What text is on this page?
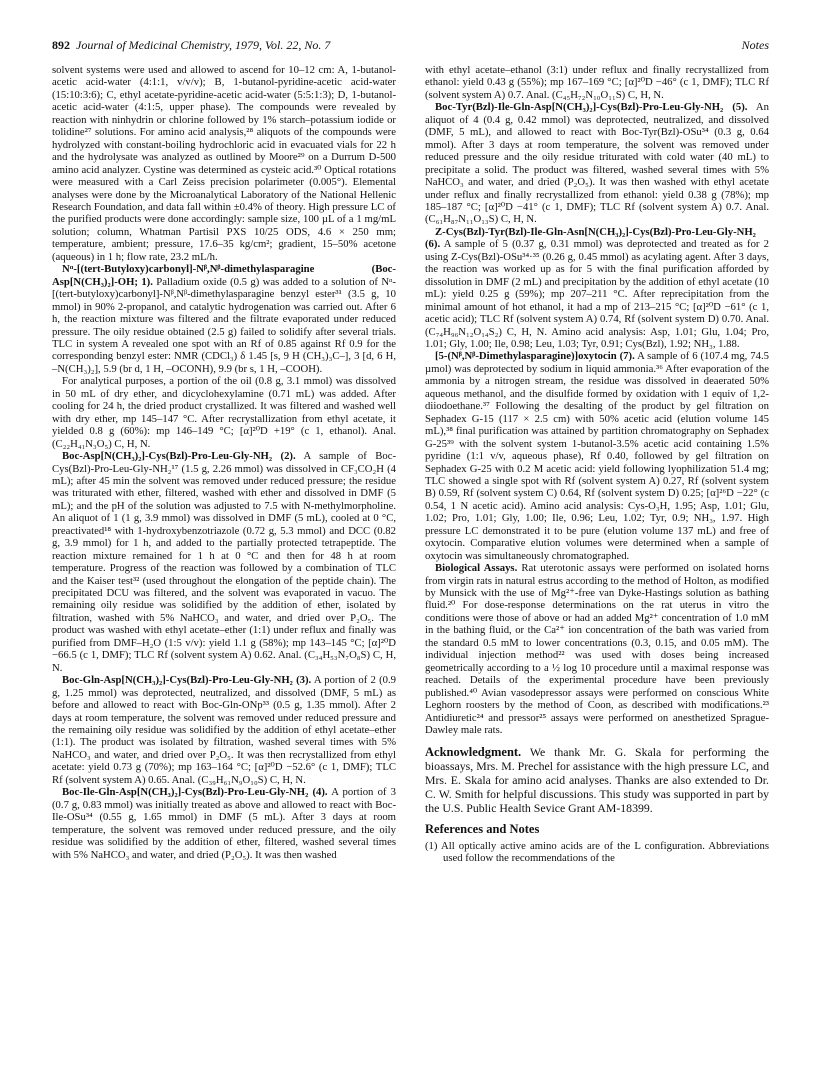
892 Journal of Medicinal Chemistry, 1979, Vol. 22, No. 7	Notes

solvent systems were used and allowed to ascend for 10–12 cm: A, 1-butanol-acetic acid-water (4:1:1, v/v/v); B, 1-butanol-pyridine-acetic acid-water (15:10:3:6); C, ethyl acetate-pyridine-acetic acid-water (5:5:1:3); D, 1-butanol-acetic acid-water (4:1:5, upper phase). The compounds were revealed by reaction with ninhydrin or chlorine followed by 1% starch–potassium iodide or tolidine²⁷ solutions. For amino acid analysis,²⁸ aliquots of the compounds were hydrolyzed with constant-boiling hydrochloric acid in evacuated vials for 22 h and the hydrolysate was analyzed as outlined by Moore²⁹ on a Durrum D-500 amino acid analyzer. Cystine was determined as cysteic acid.³⁰ Optical rotations were measured with a Carl Zeiss precision polarimeter (0.005°). Elemental analyses were done by the Microanalytical Laboratory of the National Hellenic Research Foundation, and data fall within ±0.4% of theory. High pressure LC of the purified products were done accordingly: sample size, 100 µL of a 1 mg/mL solution; column, Whatman Partisil PXS 10/25 ODS, 4.6 × 250 mm; temperature, ambient; pressure, 17.6–35 kg/cm²; gradient, 15–50% acetone (aqueous) in 1 h; flow rate, 23.2 mL/h.

Nᵅ-[(tert-Butyloxy)carbonyl]-Nᵝ,Nᵝ-dimethylasparagine (Boc-Asp[N(CH₃)₂]-OH; 1). Palladium oxide (0.5 g) was added to a solution of Nᵅ-[(tert-butyloxy)carbonyl]-Nᵝ,Nᵝ-dimethylasparagine benzyl ester³¹ (3.5 g, 10 mmol) in 90% 2-propanol, and catalytic hydrogenation was carried out. After 6 h, the reaction mixture was filtered and the filtrate evaporated under reduced pressure. The oily residue obtained (2.5 g) failed to solidify after several trials. TLC in system A revealed one spot with an Rf of 0.85 against Rf 0.9 for the corresponding benzyl ester: NMR (CDCl₃) δ 1.45 [s, 9 H (CH₃)₃C–], 3 [d, 6 H, –N(CH₃)₂], 5.9 (br d, 1 H, –OCONH), 9.9 (br s, 1 H, –COOH).

For analytical purposes, a portion of the oil (0.8 g, 3.1 mmol) was dissolved in 50 mL of dry ether, and dicyclohexylamine (0.71 mL) was added. After cooling for 24 h, the dried product crystallized. It was filtered and washed well with dry ether, mp 145–147 °C. After recrystallization from ethyl acetate, it yielded 0.8 g (60%): mp 146–149 °C; [α]²⁰D +19° (c 1, ethanol). Anal. (C₂₂H₄₁N₃O₅) C, H, N.

Boc-Asp[N(CH₃)₂]-Cys(Bzl)-Pro-Leu-Gly-NH₂ (2). A sample of Boc-Cys(Bzl)-Pro-Leu-Gly-NH₂¹⁷ (1.5 g, 2.26 mmol) was dissolved in CF₃CO₂H (4 mL); after 45 min the solvent was removed under reduced pressure; the residue was triturated with ether, filtered, washed with ether and dissolved in DMF (5 mL); and the pH of the solution was adjusted to 7.5 with N-methylmorpholine. An aliquot of 1 (1 g, 3.9 mmol) was dissolved in DMF (5 mL), cooled at 0 °C, preactivated¹⁸ with 1-hydroxybenzotriazole (0.72 g, 5.3 mmol) and DCC (0.82 g, 3.9 mmol) for 1 h, and added to the partially protected tetrapeptide. The reaction mixture remained for 1 h at 0 °C and then for 48 h at room temperature. Progress of the reaction was followed by a combination of TLC and the Kaiser test³² (used throughout the elongation of the peptide chain). The precipitated DCU was filtered, and the solvent was evaporated in vacuo. The remaining oily residue was solidified by the addition of ether, isolated by filtration, washed with 5% NaHCO₃ and water, and dried over P₂O₅. The product was washed with ethyl acetate–ether (1:1) under reflux and finally was purified from DMF–H₂O (1:5 v/v): yield 1.1 g (58%); mp 143–145 °C; [α]²⁰D −66.5 (c 1, DMF); TLC Rf (solvent system A) 0.62. Anal. (C₃₄H₅₃N₇O₈S) C, H, N.

Boc-Gln-Asp[N(CH₃)₂]-Cys(Bzl)-Pro-Leu-Gly-NH₂ (3). A portion of 2 (0.9 g, 1.25 mmol) was deprotected, neutralized, and dissolved (DMF, 5 mL) as before and allowed to react with Boc-Gln-ONp³³ (0.5 g, 1.35 mmol). After 2 days at room temperature, the solvent was removed under reduced pressure and the remaining oily residue was solidified by the addition of ethyl acetate–ether (1:1). The product was isolated by filtration, washed several times with 5% NaHCO₃ and water, and dried over P₂O₅. It was then recrystallized from ethyl acetate: yield 0.73 g (70%); mp 163–164 °C; [α]²⁰D −52.6° (c 1, DMF); TLC Rf (solvent system A) 0.65. Anal. (C₃₉H₆₁N₉O₁₀S) C, H, N.

Boc-Ile-Gln-Asp[N(CH₃)₂]-Cys(Bzl)-Pro-Leu-Gly-NH₂ (4). A portion of 3 (0.7 g, 0.83 mmol) was initially treated as above and allowed to react with Boc-Ile-OSu³⁴ (0.55 g, 1.65 mmol) in DMF (5 mL). After 3 days at room temperature, the solvent was removed under reduced pressure, and the oily residue was solidified by the addition of ether, filtered, washed several times with 5% NaHCO₃ and water, and dried (P₂O₅). It was then washed

with ethyl acetate–ethanol (3:1) under reflux and finally recrystallized from ethanol: yield 0.43 g (55%); mp 167–169 °C; [α]²⁰D −46° (c 1, DMF); TLC Rf (solvent system A) 0.7. Anal. (C₄₅H₇₂N₁₀O₁₁S) C, H, N.

Boc-Tyr(Bzl)-Ile-Gln-Asp[N(CH₃)₂]-Cys(Bzl)-Pro-Leu-Gly-NH₂ (5). An aliquot of 4 (0.4 g, 0.42 mmol) was deprotected, neutralized, and dissolved (DMF, 5 mL), and allowed to react with Boc-Tyr(Bzl)-OSu³⁴ (0.3 g, 0.64 mmol). After 3 days at room temperature, the solvent was removed under reduced pressure and the oily residue triturated with cold water (40 mL) to precipitate a solid. The product was filtered, washed several times with 5% NaHCO₃ and water, and dried (P₂O₅). It was then washed with ethyl acetate under reflux and finally recrystallized from ethanol: yield 0.38 g (78%); mp 185–187 °C; [α]²⁰D −41° (c 1, DMF); TLC Rf (solvent system A) 0.7. Anal. (C₆₁H₈₇N₁₁O₁₃S) C, H, N.

Z-Cys(Bzl)-Tyr(Bzl)-Ile-Gln-Asn[N(CH₃)₂]-Cys(Bzl)-Pro-Leu-Gly-NH₂ (6). A sample of 5 (0.37 g, 0.31 mmol) was deprotected and treated as for 2 using Z-Cys(Bzl)-OSu³⁴·³⁵ (0.26 g, 0.45 mmol) as acylating agent. After 3 days, the reaction was worked up as for 5 with the final purification afforded by dissolution in DMF (2 mL) and precipitation by the addition of ethyl acetate (10 mL): yield 0.25 g (59%); mp 207–211 °C. After reprecipitation from the minimal amount of hot ethanol, it had a mp of 213–215 °C; [α]²⁰D −61° (c 1, acetic acid); TLC Rf (solvent system A) 0.74, Rf (solvent system D) 0.70. Anal. (C₇₄H₉₆N₁₂O₁₄S₂) C, H, N. Amino acid analysis: Asp, 1.01; Glu, 1.04; Pro, 1.01; Gly, 1.00; Ile, 0.98; Leu, 1.03; Tyr, 0.91; Cys(Bzl), 1.92; NH₃, 1.88.

[5-(Nᵝ,Nᵝ-Dimethylasparagine)]oxytocin (7). A sample of 6 (107.4 mg, 74.5 µmol) was deprotected by sodium in liquid ammonia.³⁶ After evaporation of the ammonia by a nitrogen stream, the residue was dissolved in deaerated 50% aqueous methanol, and the disulfide formed by oxidation with 1 equiv of 1,2-diiodoethane.³⁷ Following the desalting of the product by gel filtration on Sephadex G-15 (117 × 2.5 cm) with 50% acetic acid (elution volume 145 mL),³⁸ final purification was attained by partition chromatography on Sephadex G-25³⁹ with the solvent system 1-butanol-3.5% acetic acid containing 1.5% pyridine (1:1 v/v, aqueous phase), Rf 0.40, followed by gel filtration on Sephadex G-25 with 0.2 M acetic acid: yield following lyophilization 51.4 mg; TLC showed a single spot with Rf (solvent system A) 0.27, Rf (solvent system B) 0.59, Rf (solvent system C) 0.64, Rf (solvent system D) 0.25; [α]²⁶D −22° (c 0.54, 1 N acetic acid). Amino acid analysis: Cys-O₃H, 1.95; Asp, 1.01; Glu, 1.02; Pro, 1.01; Gly, 1.00; Ile, 0.96; Leu, 1.02; Tyr, 0.9; NH₃, 1.97. High pressure LC demonstrated it to be pure (elution volume 137 mL) and free of oxytocin. Comparative elution volumes were determined when a sample of oxytocin was simultaneously chromatographed.

Biological Assays. Rat uterotonic assays were performed on isolated horns from virgin rats in natural estrus according to the method of Holton, as modified by Munsick with the use of Mg²⁺-free van Dyke-Hastings solution as bathing fluid.²⁰ For dose-response determinations on the rat uterus in vitro the conditions were those of above or had an added Mg²⁺ concentration of 1.0 mM in the bathing fluid, or the Ca²⁺ ion concentration of the bath was varied from the standard 0.5 mM to lower concentrations (0.3, 0.15, and 0.05 mM). The individual injection method²² was used with doses being increased geometrically according to a ½ log 10 procedure until a maximal response was reached. Details of the experimental procedure have been previously published.⁴⁰ Avian vasodepressor assays were performed on conscious White Leghorn roosters by the method of Coon, as described with modifications.²³ Antidiuretic²⁴ and pressor²⁵ assays were performed on anesthetized Sprague-Dawley male rats.

Acknowledgment. We thank Mr. G. Skala for performing the bioassays, Mrs. M. Prechel for assistance with the high pressure LC, and Mrs. E. Skala for amino acid analyses. Thanks are also extended to Dr. C. W. Smith for helpful discussions. This study was supported in part by the U.S. Public Health Sevice Grant AM-18399.
References and Notes

(1) All optically active amino acids are of the L configuration. Abbreviations used follow the recommendations of the
